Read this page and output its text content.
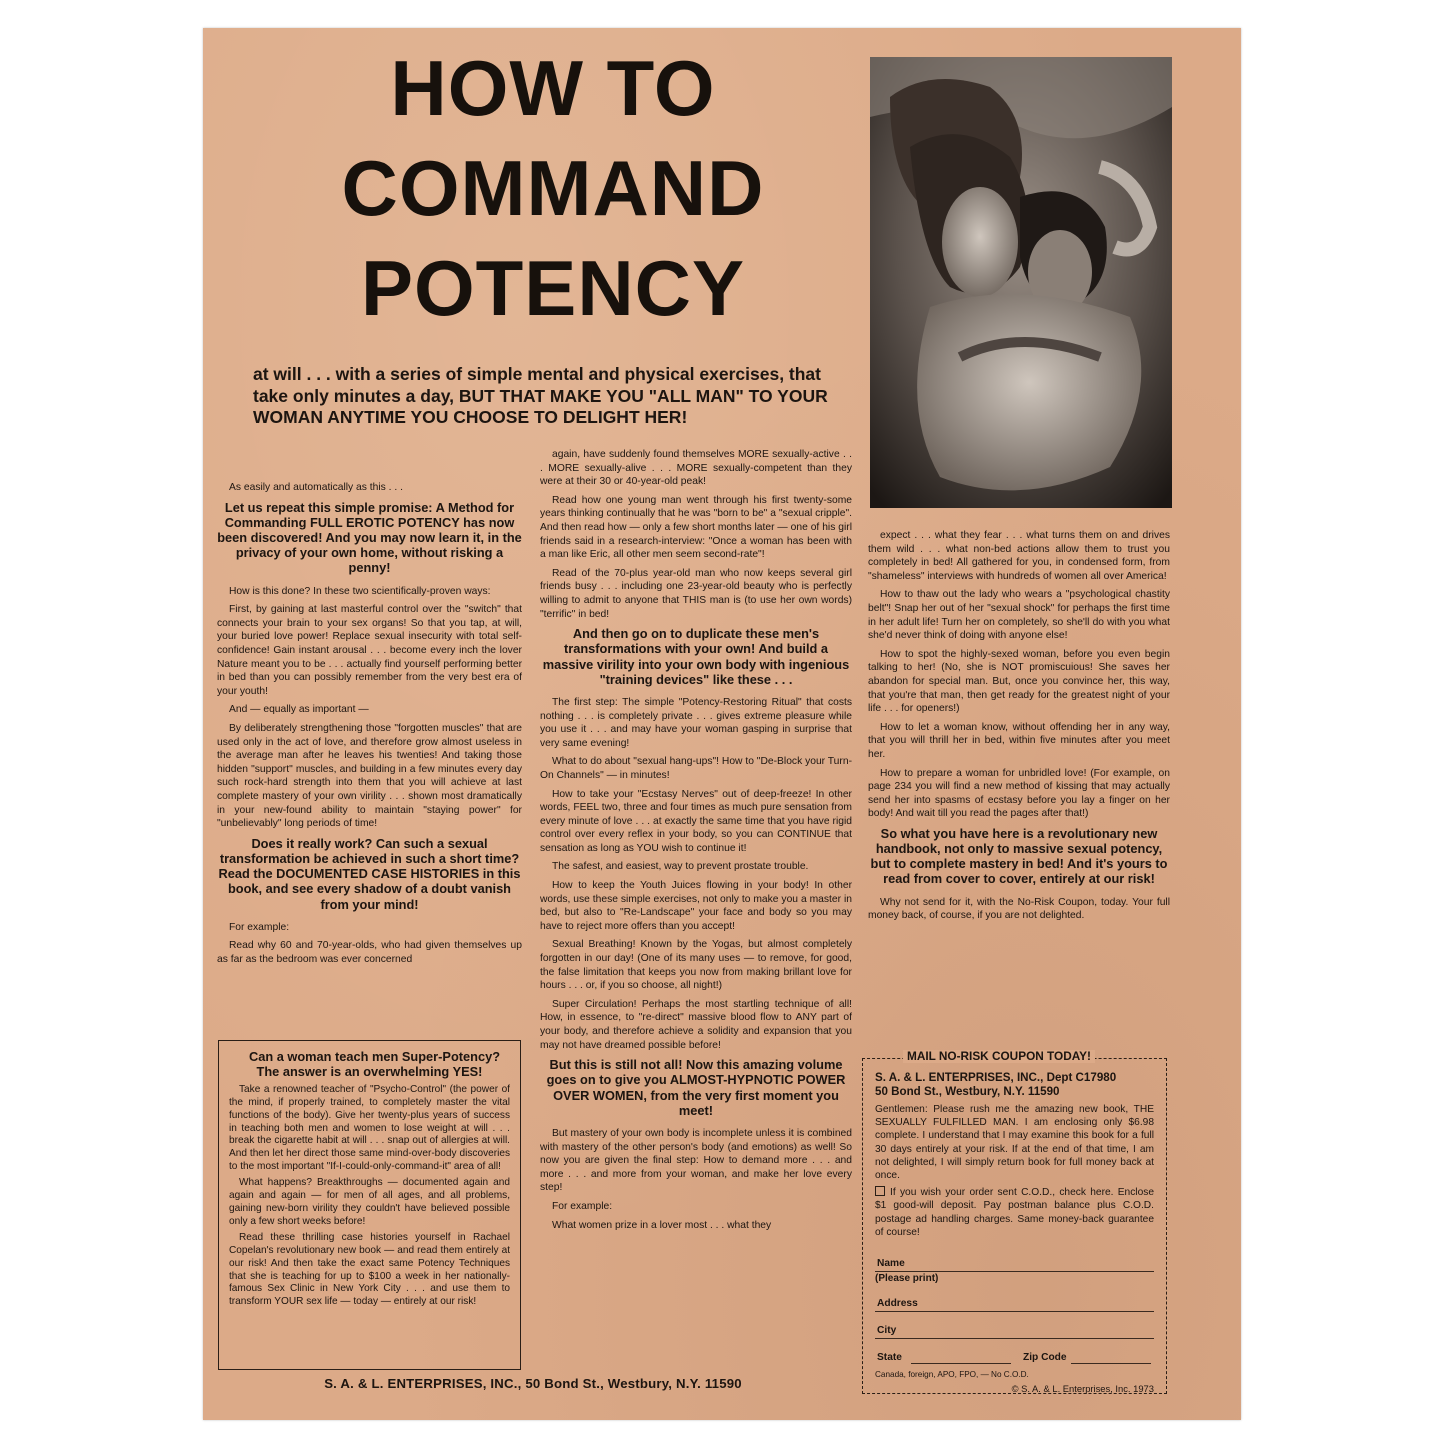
HOW TO
COMMAND
POTENCY

at will . . . with a series of simple mental and physical exercises, that take only minutes a day, BUT THAT MAKE YOU "ALL MAN" TO YOUR WOMAN ANYTIME YOU CHOOSE TO DELIGHT HER!

As easily and automatically as this . . .

Let us repeat this simple promise: A Method for Commanding FULL EROTIC POTENCY has now been discovered! And you may now learn it, in the privacy of your own home, without risking a penny!

How is this done? In these two scientifically-proven ways:

First, by gaining at last masterful control over the "switch" that connects your brain to your sex organs! So that you tap, at will, your buried love power! Replace sexual insecurity with total self-confidence! Gain instant arousal . . . become every inch the lover Nature meant you to be . . . actually find yourself performing better in bed than you can possibly remember from the very best era of your youth!

And — equally as important —

By deliberately strengthening those "forgotten muscles" that are used only in the act of love, and therefore grow almost useless in the average man after he leaves his twenties! And taking those hidden "support" muscles, and building in a few minutes every day such rock-hard strength into them that you will achieve at last complete mastery of your own virility . . . shown most dramatically in your new-found ability to maintain "staying power" for "unbelievably" long periods of time!

Does it really work? Can such a sexual transformation be achieved in such a short time? Read the DOCUMENTED CASE HISTORIES in this book, and see every shadow of a doubt vanish from your mind!

For example:

Read why 60 and 70-year-olds, who had given themselves up as far as the bedroom was ever concerned

Can a woman teach men Super-Potency? The answer is an overwhelming YES!

Take a renowned teacher of "Psycho-Control" (the power of the mind, if properly trained, to completely master the vital functions of the body). Give her twenty-plus years of success in teaching both men and women to lose weight at will . . . break the cigarette habit at will . . . snap out of allergies at will. And then let her direct those same mind-over-body discoveries to the most important "If-I-could-only-command-it" area of all!

What happens? Breakthroughs — documented again and again and again — for men of all ages, and all problems, gaining new-born virility they couldn't have believed possible only a few short weeks before!

Read these thrilling case histories yourself in Rachael Copelan's revolutionary new book — and read them entirely at our risk! And then take the exact same Potency Techniques that she is teaching for up to $100 a week in her nationally-famous Sex Clinic in New York City . . . and use them to transform YOUR sex life — today — entirely at our risk!

S. A. & L. ENTERPRISES, INC., 50 Bond St., Westbury, N.Y. 11590

again, have suddenly found themselves MORE sexually-active . . . MORE sexually-alive . . . MORE sexually-competent than they were at their 30 or 40-year-old peak!

Read how one young man went through his first twenty-some years thinking continually that he was "born to be" a "sexual cripple". And then read how — only a few short months later — one of his girl friends said in a research-interview: "Once a woman has been with a man like Eric, all other men seem second-rate"!

Read of the 70-plus year-old man who now keeps several girl friends busy . . . including one 23-year-old beauty who is perfectly willing to admit to anyone that THIS man is (to use her own words) "terrific" in bed!

And then go on to duplicate these men's transformations with your own! And build a massive virility into your own body with ingenious "training devices" like these . . .

The first step: The simple "Potency-Restoring Ritual" that costs nothing . . . is completely private . . . gives extreme pleasure while you use it . . . and may have your woman gasping in surprise that very same evening!

What to do about "sexual hang-ups"! How to "De-Block your Turn-On Channels" — in minutes!

How to take your "Ecstasy Nerves" out of deep-freeze! In other words, FEEL two, three and four times as much pure sensation from every minute of love . . . at exactly the same time that you have rigid control over every reflex in your body, so you can CONTINUE that sensation as long as YOU wish to continue it!

The safest, and easiest, way to prevent prostate trouble.

How to keep the Youth Juices flowing in your body! In other words, use these simple exercises, not only to make you a master in bed, but also to "Re-Landscape" your face and body so you may have to reject more offers than you accept!

Sexual Breathing! Known by the Yogas, but almost completely forgotten in our day! (One of its many uses — to remove, for good, the false limitation that keeps you now from making brillant love for hours . . . or, if you so choose, all night!)

Super Circulation! Perhaps the most startling technique of all! How, in essence, to "re-direct" massive blood flow to ANY part of your body, and therefore achieve a solidity and expansion that you may not have dreamed possible before!

But this is still not all! Now this amazing volume goes on to give you ALMOST-HYPNOTIC POWER OVER WOMEN, from the very first moment you meet!

But mastery of your own body is incomplete unless it is combined with mastery of the other person's body (and emotions) as well! So now you are given the final step: How to demand more . . . and more . . . and more from your woman, and make her love every step!

For example:

What women prize in a lover most . . . what they

expect . . . what they fear . . . what turns them on and drives them wild . . . what non-bed actions allow them to trust you completely in bed! All gathered for you, in condensed form, from "shameless" interviews with hundreds of women all over America!

How to thaw out the lady who wears a "psychological chastity belt"! Snap her out of her "sexual shock" for perhaps the first time in her adult life! Turn her on completely, so she'll do with you what she'd never think of doing with anyone else!

How to spot the highly-sexed woman, before you even begin talking to her! (No, she is NOT promiscuious! She saves her abandon for special man. But, once you convince her, this way, that you're that man, then get ready for the greatest night of your life . . . for openers!)

How to let a woman know, without offending her in any way, that you will thrill her in bed, within five minutes after you meet her.

How to prepare a woman for unbridled love! (For example, on page 234 you will find a new method of kissing that may actually send her into spasms of ecstasy before you lay a finger on her body! And wait till you read the pages after that!)

So what you have here is a revolutionary new handbook, not only to massive sexual potency, but to complete mastery in bed! And it's yours to read from cover to cover, entirely at our risk!

Why not send for it, with the No-Risk Coupon, today. Your full money back, of course, if you are not delighted.

MAIL NO-RISK COUPON TODAY!
S. A. & L. ENTERPRISES, INC., Dept C17980
50 Bond St., Westbury, N.Y. 11590
Gentlemen: Please rush me the amazing new book, THE SEXUALLY FULFILLED MAN. I am enclosing only $6.98 complete. I understand that I may examine this book for a full 30 days entirely at your risk. If at the end of that time, I am not delighted, I will simply return book for full money back at once.
If you wish your order sent C.O.D., check here. Enclose $1 good-will deposit. Pay postman balance plus C.O.D. postage ad handling charges. Same money-back guarantee of course!
Name
(Please print)
Address
City
State	Zip Code
Canada, foreign, APO, FPO, — No C.O.D.
© S. A. & L. Enterprises, Inc. 1973
